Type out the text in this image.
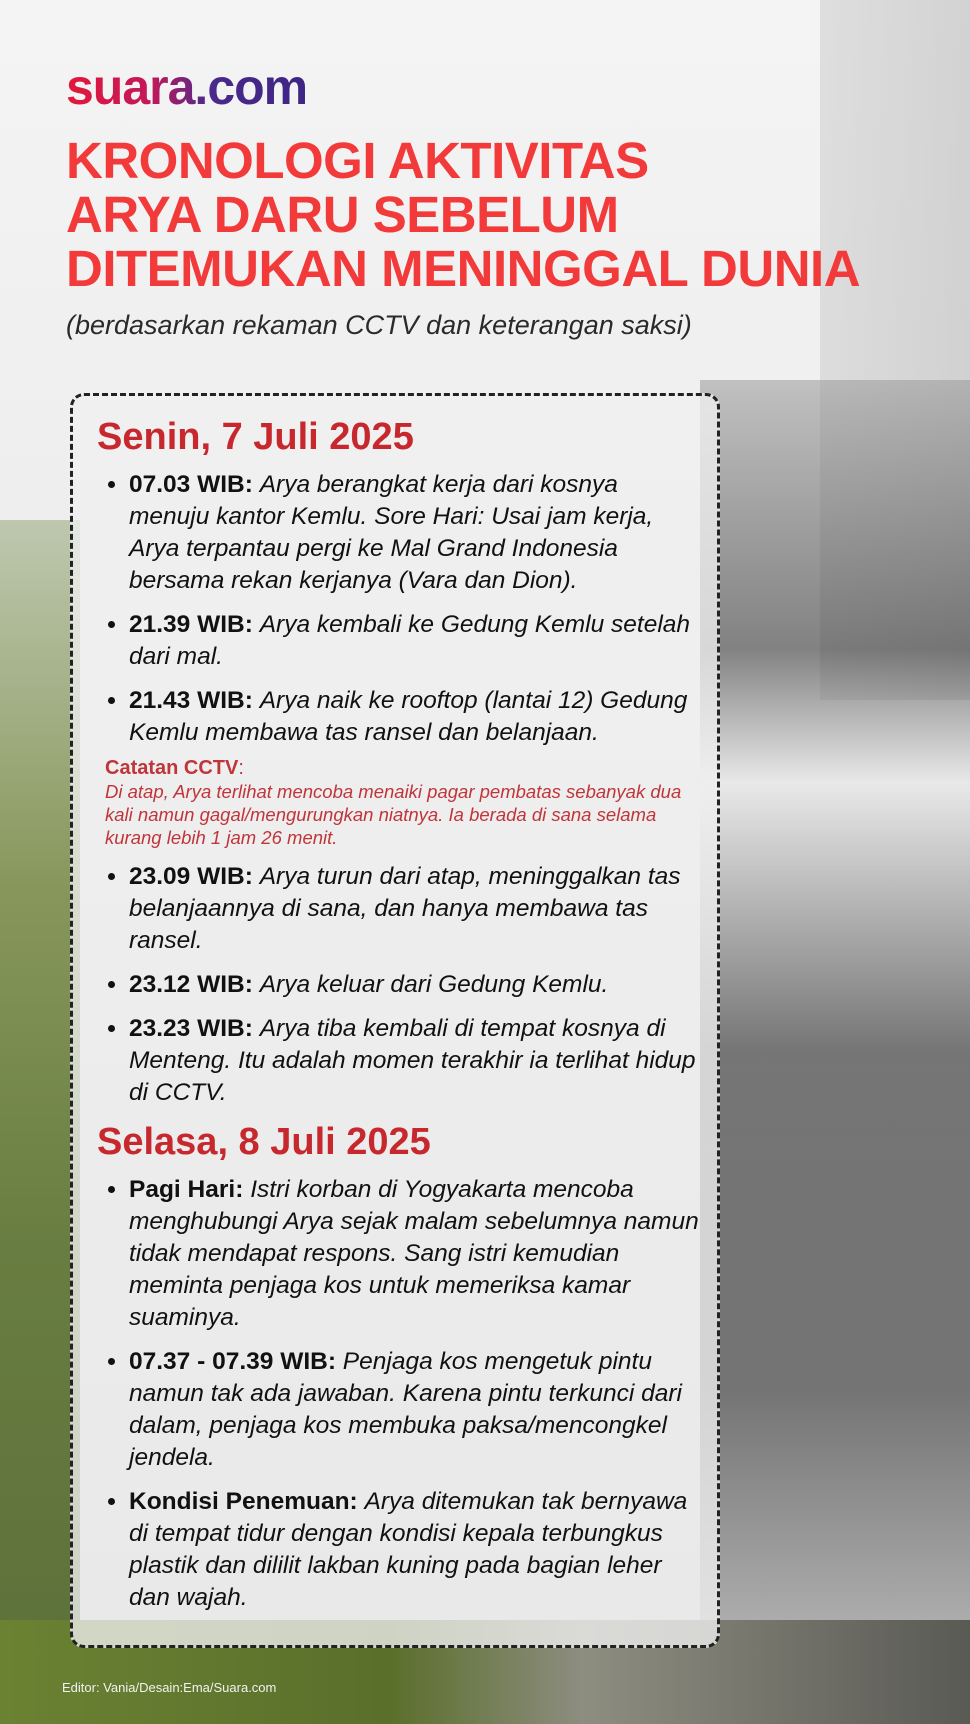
suara.com
KRONOLOGI AKTIVITAS
ARYA DARU SEBELUM
DITEMUKAN MENINGGAL DUNIA
(berdasarkan rekaman CCTV dan keterangan saksi)
Senin, 7 Juli 2025
• 07.03 WIB: Arya berangkat kerja dari kosnya menuju kantor Kemlu. Sore Hari: Usai jam kerja, Arya terpantau pergi ke Mal Grand Indonesia bersama rekan kerjanya (Vara dan Dion).
• 21.39 WIB: Arya kembali ke Gedung Kemlu setelah dari mal.
• 21.43 WIB: Arya naik ke rooftop (lantai 12) Gedung Kemlu membawa tas ransel dan belanjaan.
Catatan CCTV:
Di atap, Arya terlihat mencoba menaiki pagar pembatas sebanyak dua kali namun gagal/mengurungkan niatnya. Ia berada di sana selama kurang lebih 1 jam 26 menit.
• 23.09 WIB: Arya turun dari atap, meninggalkan tas belanjaannya di sana, dan hanya membawa tas ransel.
• 23.12 WIB: Arya keluar dari Gedung Kemlu.
• 23.23 WIB: Arya tiba kembali di tempat kosnya di Menteng. Itu adalah momen terakhir ia terlihat hidup di CCTV.
Selasa, 8 Juli 2025
• Pagi Hari: Istri korban di Yogyakarta mencoba menghubungi Arya sejak malam sebelumnya namun tidak mendapat respons. Sang istri kemudian meminta penjaga kos untuk memeriksa kamar suaminya.
• 07.37 - 07.39 WIB: Penjaga kos mengetuk pintu namun tak ada jawaban. Karena pintu terkunci dari dalam, penjaga kos membuka paksa/mencongkel jendela.
• Kondisi Penemuan: Arya ditemukan tak bernyawa di tempat tidur dengan kondisi kepala terbungkus plastik dan dililit lakban kuning pada bagian leher dan wajah.
Editor: Vania/Desain:Ema/Suara.com
